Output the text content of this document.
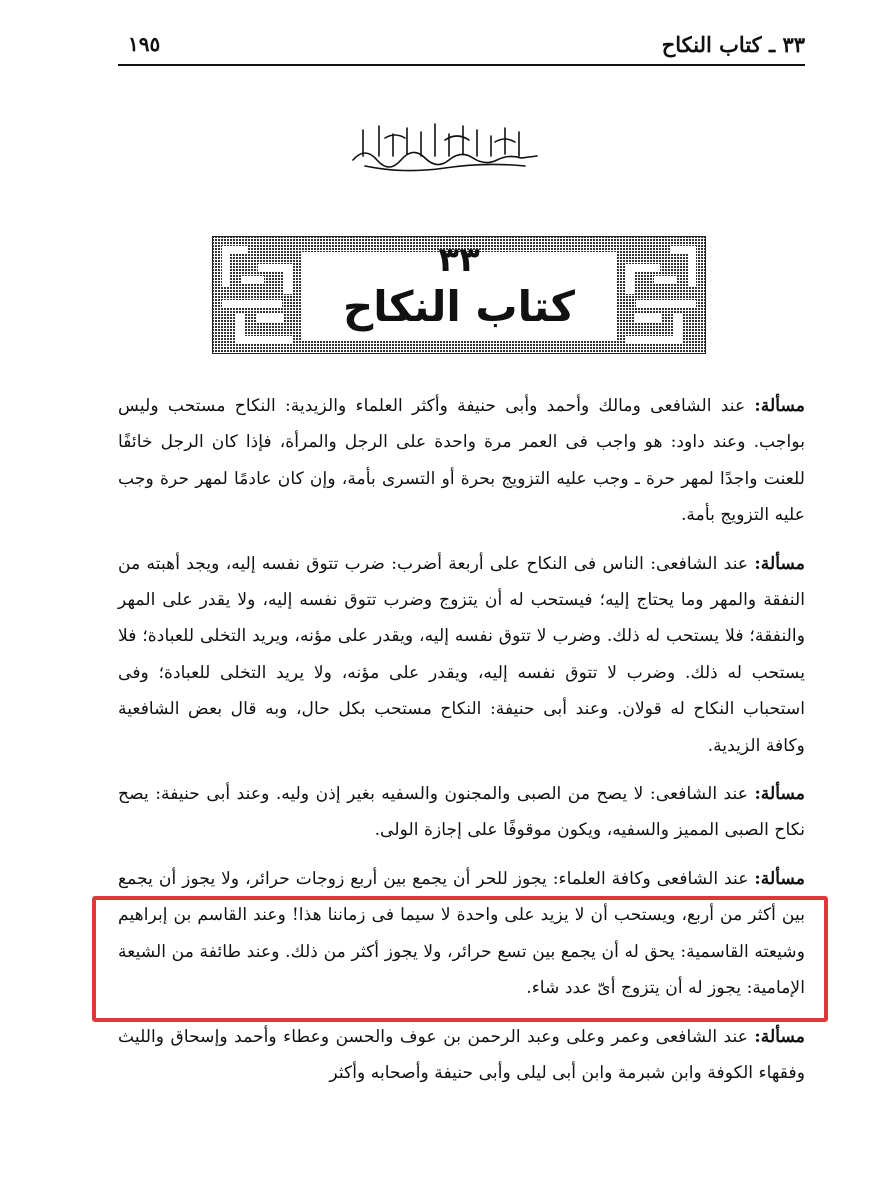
١٩٥	٣٣ ـ كتاب النكاح
٣٣
كتاب النكاح

مسألة: عند الشافعى ومالك وأحمد وأبى حنيفة وأكثر العلماء والزيدية: النكاح مستحب وليس بواجب. وعند داود: هو واجب فى العمر مرة واحدة على الرجل والمرأة، فإذا كان الرجل خائفًا للعنت واجدًا لمهر حرة ـ وجب عليه التزويج بحرة أو التسرى بأمة، وإن كان عادمًا لمهر حرة وجب عليه التزويج بأمة.

مسألة: عند الشافعى: الناس فى النكاح على أربعة أضرب: ضرب تتوق نفسه إليه، ويجد أهبته من النفقة والمهر وما يحتاج إليه؛ فيستحب له أن يتزوج وضرب تتوق نفسه إليه، ولا يقدر على المهر والنفقة؛ فلا يستحب له ذلك. وضرب لا تتوق نفسه إليه، ويقدر على مؤنه، ويريد التخلى للعبادة؛ فلا يستحب له ذلك. وضرب لا تتوق نفسه إليه، ويقدر على مؤنه، ولا يريد التخلى للعبادة؛ وفى استحباب النكاح له قولان. وعند أبى حنيفة: النكاح مستحب بكل حال، وبه قال بعض الشافعية وكافة الزيدية.

مسألة: عند الشافعى: لا يصح من الصبى والمجنون والسفيه بغير إذن وليه. وعند أبى حنيفة: يصح نكاح الصبى المميز والسفيه، ويكون موقوفًا على إجازة الولى.

مسألة: عند الشافعى وكافة العلماء: يجوز للحر أن يجمع بين أربع زوجات حرائر، ولا يجوز أن يجمع بين أكثر من أربع، ويستحب أن لا يزيد على واحدة لا سيما فى زماننا هذا! وعند القاسم بن إبراهيم وشيعته القاسمية: يحق له أن يجمع بين تسع حرائر، ولا يجوز أكثر من ذلك. وعند طائفة من الشيعة الإمامية: يجوز له أن يتزوج أىّ عدد شاء.

مسألة: عند الشافعى وعمر وعلى وعبد الرحمن بن عوف والحسن وعطاء وأحمد وإسحاق والليث وفقهاء الكوفة وابن شبرمة وابن أبى ليلى وأبى حنيفة وأصحابه وأكثر
